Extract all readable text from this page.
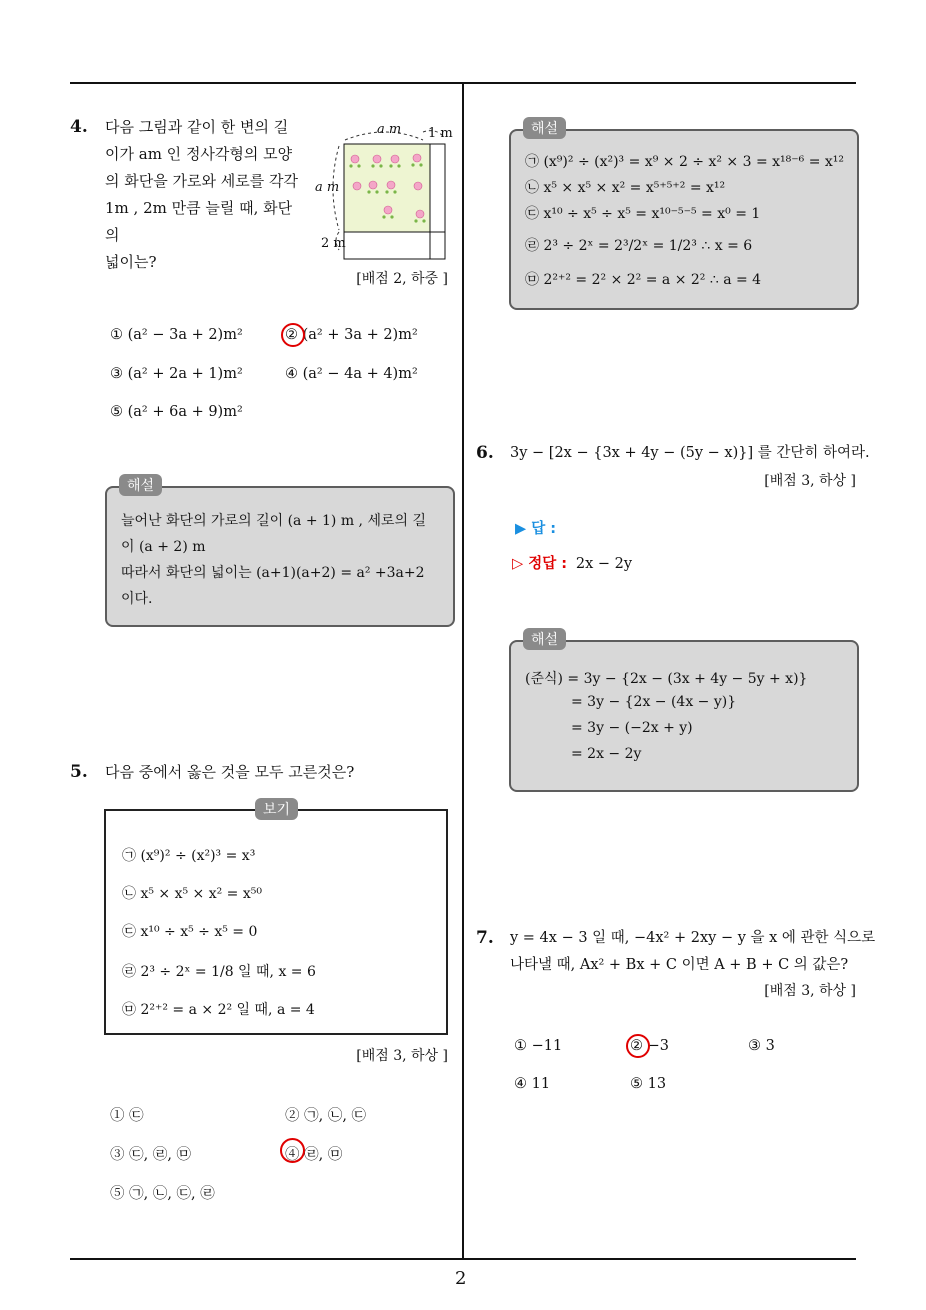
2
4. 다음 그림과 같이 한 변의 길
이가 am 인 정사각형의 모양
의 화단을 가로와 세로를 각각
1m , 2m 만큼 늘릴 때, 화단의
넓이는?
a m 1 m
a m
2 m
[배점 2, 하중 ]
① (a² − 3a + 2)m²	② (a² + 3a + 2)m²
③ (a² + 2a + 1)m²	④ (a² − 4a + 4)m²
⑤ (a² + 6a + 9)m²
늘어난 화단의 가로의 길이 (a + 1) m , 세로의 길
이 (a + 2) m
따라서 화단의 넓이는 (a+1)(a+2) = a² +3a+2
이다.
해설
5. 다음 중에서 옳은 것을 모두 고른것은?
㉠ (x⁹)² ÷ (x²)³ = x³
㉡ x⁵ × x⁵ × x² = x⁵⁰
㉢ x¹⁰ ÷ x⁵ ÷ x⁵ = 0
㉣ 2³ ÷ 2ˣ = 1/8 일 때, x = 6
㉤ 2²⁺² = a × 2² 일 때, a = 4
보기
[배점 3, 하상 ]
① ㉢	② ㉠, ㉡, ㉢
③ ㉢, ㉣, ㉤	④ ㉣, ㉤
⑤ ㉠, ㉡, ㉢, ㉣
㉠ (x⁹)² ÷ (x²)³ = x⁹ × 2 ÷ x² × 3 = x¹⁸⁻⁶ = x¹²
㉡ x⁵ × x⁵ × x² = x⁵⁺⁵⁺² = x¹²
㉢ x¹⁰ ÷ x⁵ ÷ x⁵ = x¹⁰⁻⁵⁻⁵ = x⁰ = 1
㉣ 2³ ÷ 2ˣ = 2³/2ˣ = 1/2³ ∴ x = 6
㉤ 2²⁺² = 2² × 2² = a × 2² ∴ a = 4
해설
6. 3y − [2x − {3x + 4y − (5y − x)}] 를 간단히 하여라.
[배점 3, 하상 ]
▶ 답 :
▷ 정답 : 2x − 2y
(준식) = 3y − {2x − (3x + 4y − 5y + x)}
= 3y − {2x − (4x − y)}
= 3y − (−2x + y)
= 2x − 2y
해설
7. y = 4x − 3 일 때, −4x² + 2xy − y 을 x 에 관한 식으로
나타낼 때, Ax² + Bx + C 이면 A + B + C 의 값은?
[배점 3, 하상 ]
① −11	② −3	③ 3
④ 11	⑤ 13
